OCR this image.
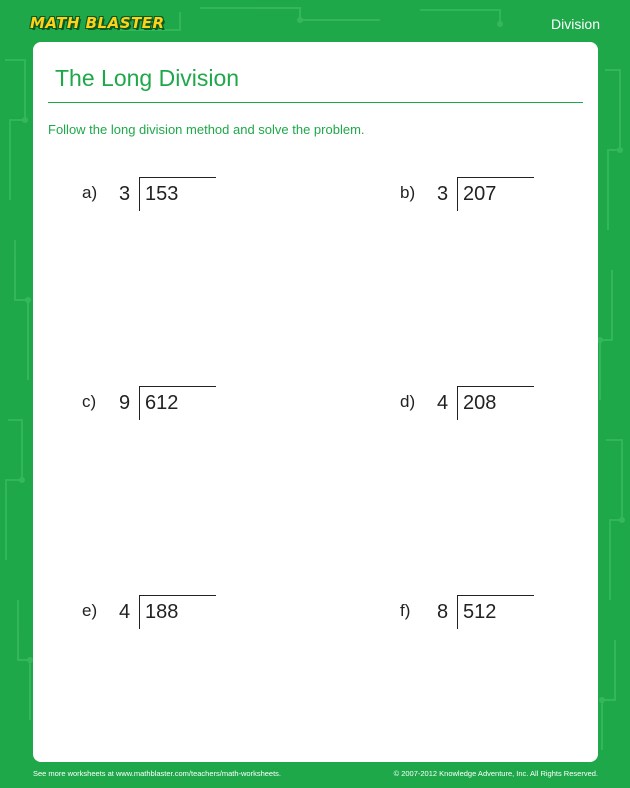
MATH BLASTER	Division
The Long Division
Follow the long division method and solve the problem.
a) 3 153	b) 3 207
c) 9 612	d) 4 208
e) 4 188	f) 8 512
See more worksheets at www.mathblaster.com/teachers/math-worksheets.	© 2007-2012 Knowledge Adventure, Inc. All Rights Reserved.
